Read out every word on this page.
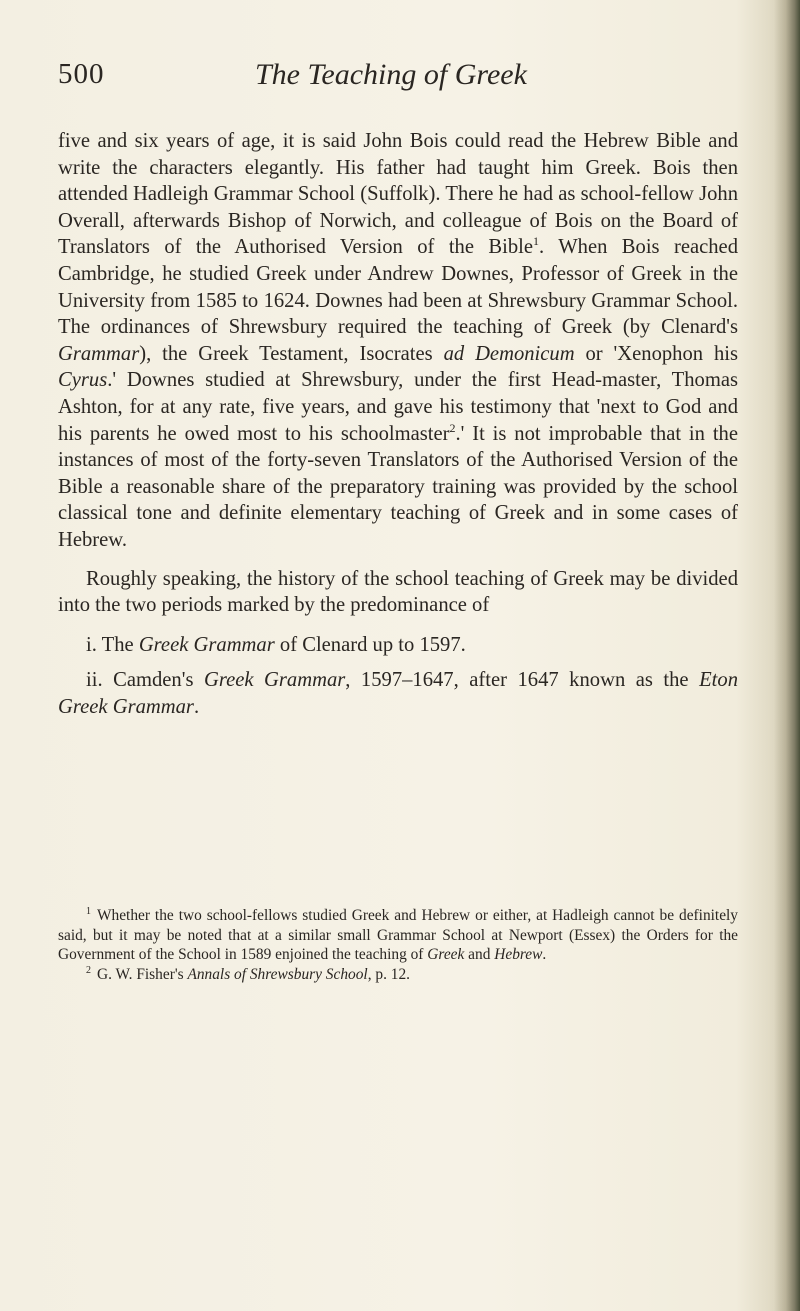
500	The Teaching of Greek

five and six years of age, it is said John Bois could read the Hebrew Bible and write the characters elegantly. His father had taught him Greek. Bois then attended Hadleigh Grammar School (Suffolk). There he had as school-fellow John Overall, afterwards Bishop of Norwich, and colleague of Bois on the Board of Translators of the Authorised Version of the Bible$^1$. When Bois reached Cambridge, he studied Greek under Andrew Downes, Professor of Greek in the University from 1585 to 1624. Downes had been at Shrewsbury Grammar School. The ordinances of Shrewsbury required the teaching of Greek (by Clenard's Grammar), the Greek Testament, Isocrates ad Demonicum or 'Xenophon his Cyrus.' Downes studied at Shrewsbury, under the first Head-master, Thomas Ashton, for at any rate, five years, and gave his testimony that 'next to God and his parents he owed most to his schoolmaster$^2$.' It is not improbable that in the instances of most of the forty-seven Translators of the Authorised Version of the Bible a reasonable share of the preparatory training was provided by the school classical tone and definite elementary teaching of Greek and in some cases of Hebrew.

Roughly speaking, the history of the school teaching of Greek may be divided into the two periods marked by the predominance of

i. The Greek Grammar of Clenard up to 1597.

ii. Camden's Greek Grammar, 1597–1647, after 1647 known as the Eton Greek Grammar.

$^1$ Whether the two school-fellows studied Greek and Hebrew or either, at Hadleigh cannot be definitely said, but it may be noted that at a similar small Grammar School at Newport (Essex) the Orders for the Government of the School in 1589 enjoined the teaching of Greek and Hebrew.

$^2$ G. W. Fisher's Annals of Shrewsbury School, p. 12.
